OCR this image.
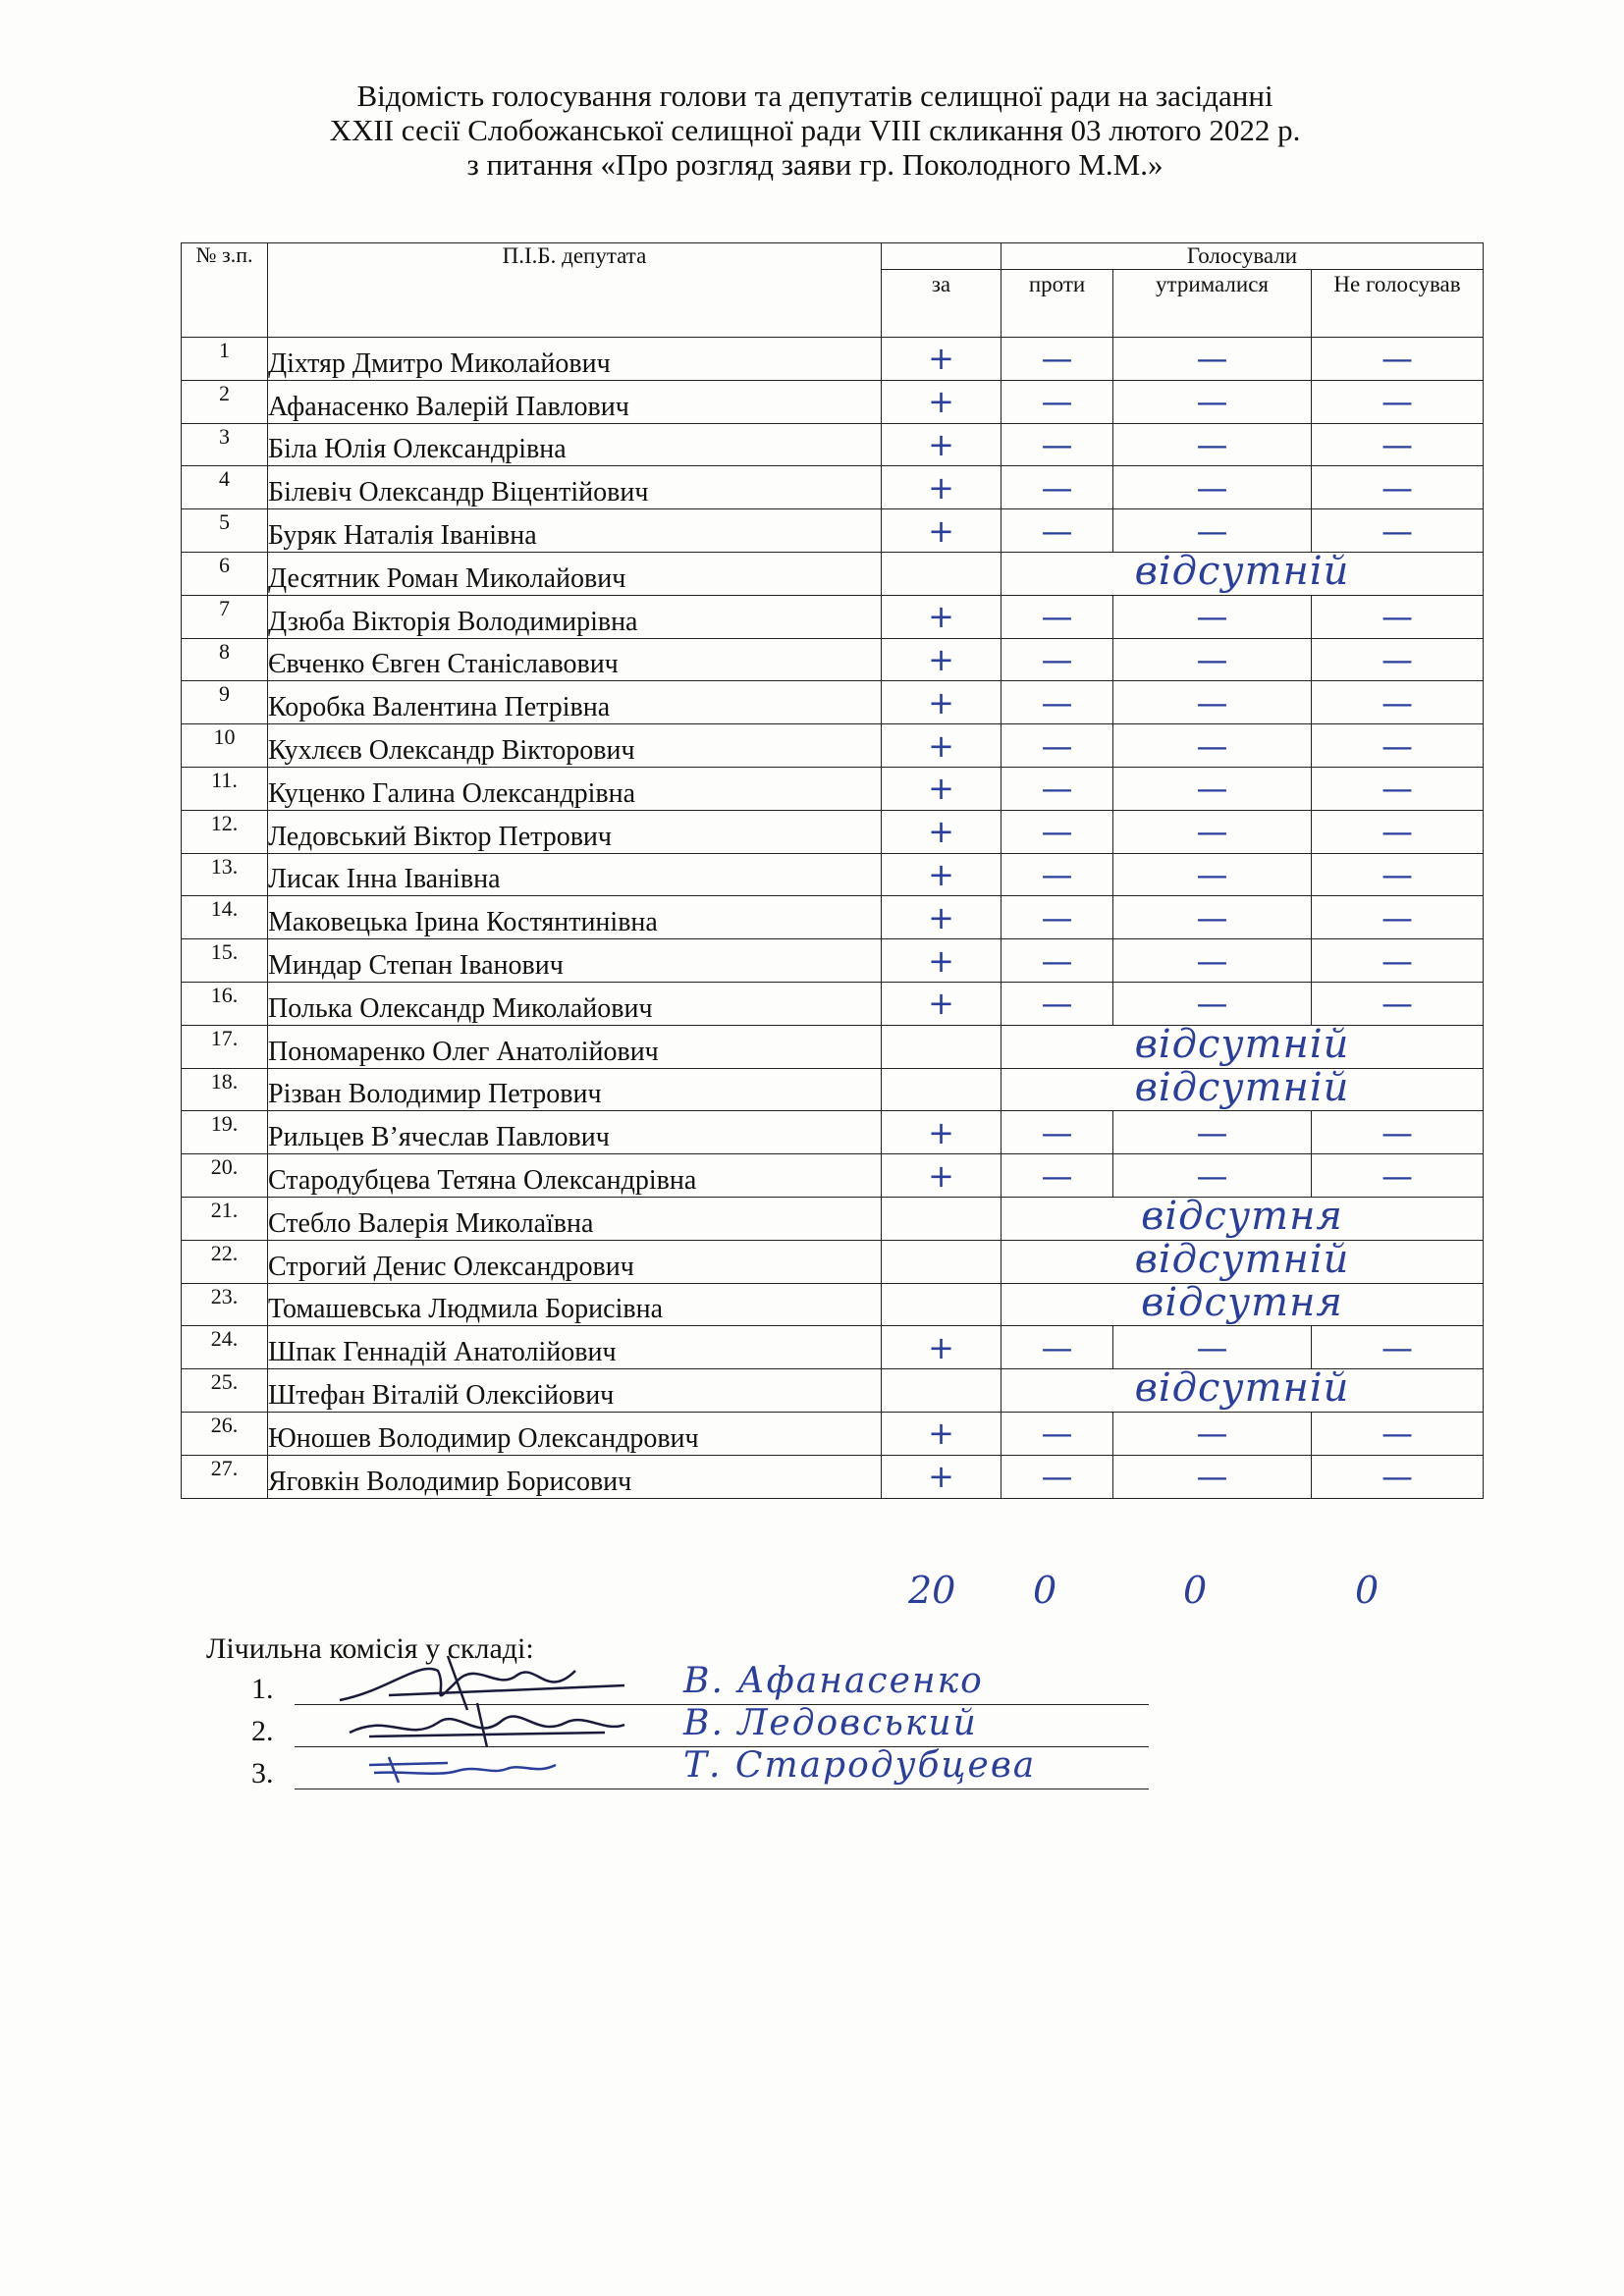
Відомість голосування голови та депутатів селищної ради на засіданні
XXII сесії Слобожанської селищної ради VIII скликання 03 лютого 2022 р.
з питання «Про розгляд заяви гр. Поколодного М.М.»
№ з.п.	П.І.Б. депутата		Голосували		
		за	проти	утрималися	Не голосував
1	Діхтяр Дмитро Миколайович	+	—	—	—
2	Афанасенко Валерій Павлович	+	—	—	—
3	Біла Юлія Олександрівна	+	—	—	—
4	Білевіч Олександр Віцентійович	+	—	—	—
5	Буряк Наталія Іванівна	+	—	—	—
6	Десятник Роман Миколайович		відсутній		

7	Дзюба Вікторія Володимирівна	+	—	—	—
8	Євченко Євген Станіславович	+	—	—	—
9	Коробка Валентина Петрівна	+	—	—	—
10	Кухлєєв Олександр Вікторович	+	—	—	—
11.	Куценко Галина Олександрівна	+	—	—	—
12.	Ледовський Віктор Петрович	+	—	—	—
13.	Лисак Інна Іванівна	+	—	—	—
14.	Маковецька Ірина Костянтинівна	+	—	—	—
15.	Миндар Степан Іванович	+	—	—	—
16.	Полька Олександр Миколайович	+	—	—	—
17.	Пономаренко Олег Анатолійович		відсутній		

18.	Різван Володимир Петрович		відсутній		

19.	Рильцев В’ячеслав Павлович	+	—	—	—
20.	Стародубцева Тетяна Олександрівна	+	—	—	—
21.	Стебло Валерія Миколаївна		відсутня		

22.	Строгий Денис Олександрович		відсутній		

23.	Томашевська Людмила Борисівна		відсутня		

24.	Шпак Геннадій Анатолійович	+	—	—	—
25.	Штефан Віталій Олексійович		відсутній		

26.	Юношев Володимир Олександрович	+	—	—	—
27.	Яговкін Володимир Борисович	+	—	—	—
20 0	0	0
Лічильна комісія у складі:
1.	В. Афанасенко
2.	В. Ледовський
3.	Т. Стародубцева
